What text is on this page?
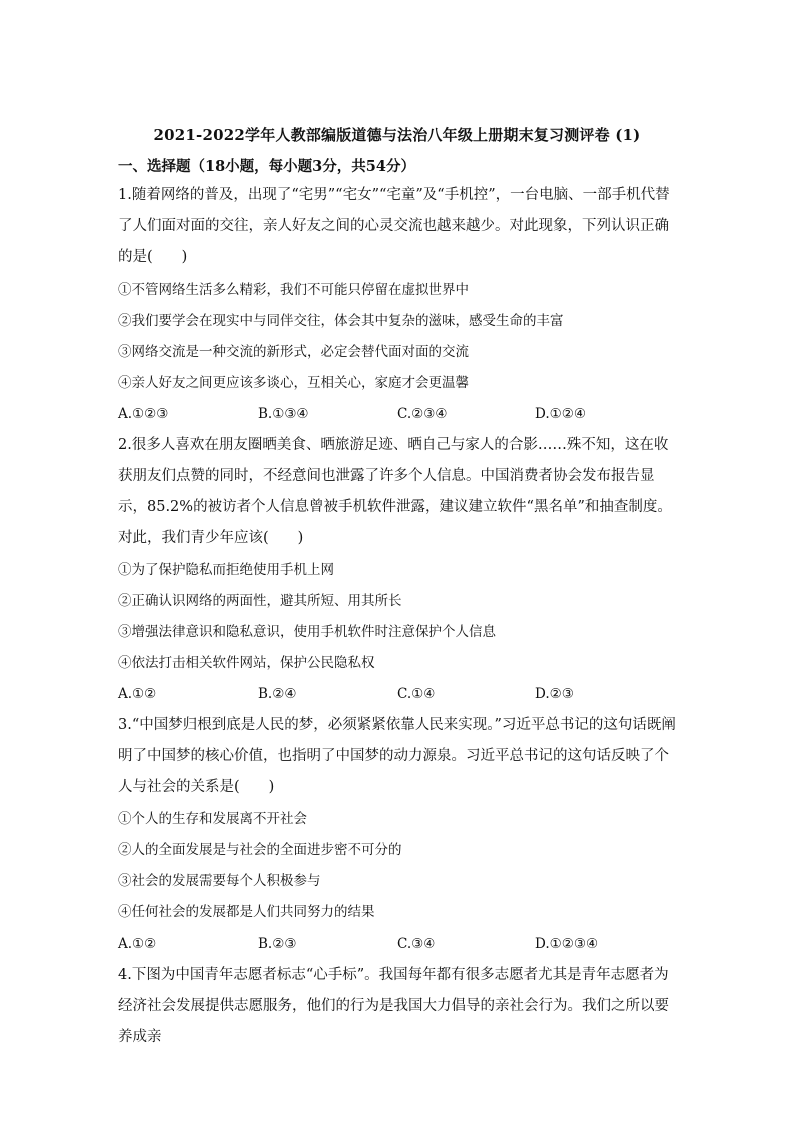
2021-2022学年人教部编版道德与法治八年级上册期末复习测评卷 (1)
一、选择题（18小题，每小题3分，共54分）
1.随着网络的普及，出现了“宅男”“宅女”“宅童”及“手机控”，一台电脑、一部手机代替了人们面对面的交往，亲人好友之间的心灵交流也越来越少。对此现象，下列认识正确的是(　　)
①不管网络生活多么精彩，我们不可能只停留在虚拟世界中
②我们要学会在现实中与同伴交往，体会其中复杂的滋味，感受生命的丰富
③网络交流是一种交流的新形式，必定会替代面对面的交流
④亲人好友之间更应该多谈心，互相关心，家庭才会更温馨
A.①②③	B.①③④	C.②③④	D.①②④
2.很多人喜欢在朋友圈晒美食、晒旅游足迹、晒自己与家人的合影……殊不知，这在收获朋友们点赞的同时，不经意间也泄露了许多个人信息。中国消费者协会发布报告显示，85.2%的被访者个人信息曾被手机软件泄露，建议建立软件“黑名单”和抽查制度。对此，我们青少年应该(　　)
①为了保护隐私而拒绝使用手机上网
②正确认识网络的两面性，避其所短、用其所长
③增强法律意识和隐私意识，使用手机软件时注意保护个人信息
④依法打击相关软件网站，保护公民隐私权
A.①②	B.②④	C.①④	D.②③
3.“中国梦归根到底是人民的梦，必须紧紧依靠人民来实现。”习近平总书记的这句话既阐明了中国梦的核心价值，也指明了中国梦的动力源泉。习近平总书记的这句话反映了个人与社会的关系是(　　)
①个人的生存和发展离不开社会
②人的全面发展是与社会的全面进步密不可分的
③社会的发展需要每个人积极参与
④任何社会的发展都是人们共同努力的结果
A.①②	B.②③	C.③④	D.①②③④
4.下图为中国青年志愿者标志“心手标”。我国每年都有很多志愿者尤其是青年志愿者为经济社会发展提供志愿服务，他们的行为是我国大力倡导的亲社会行为。我们之所以要养成亲
